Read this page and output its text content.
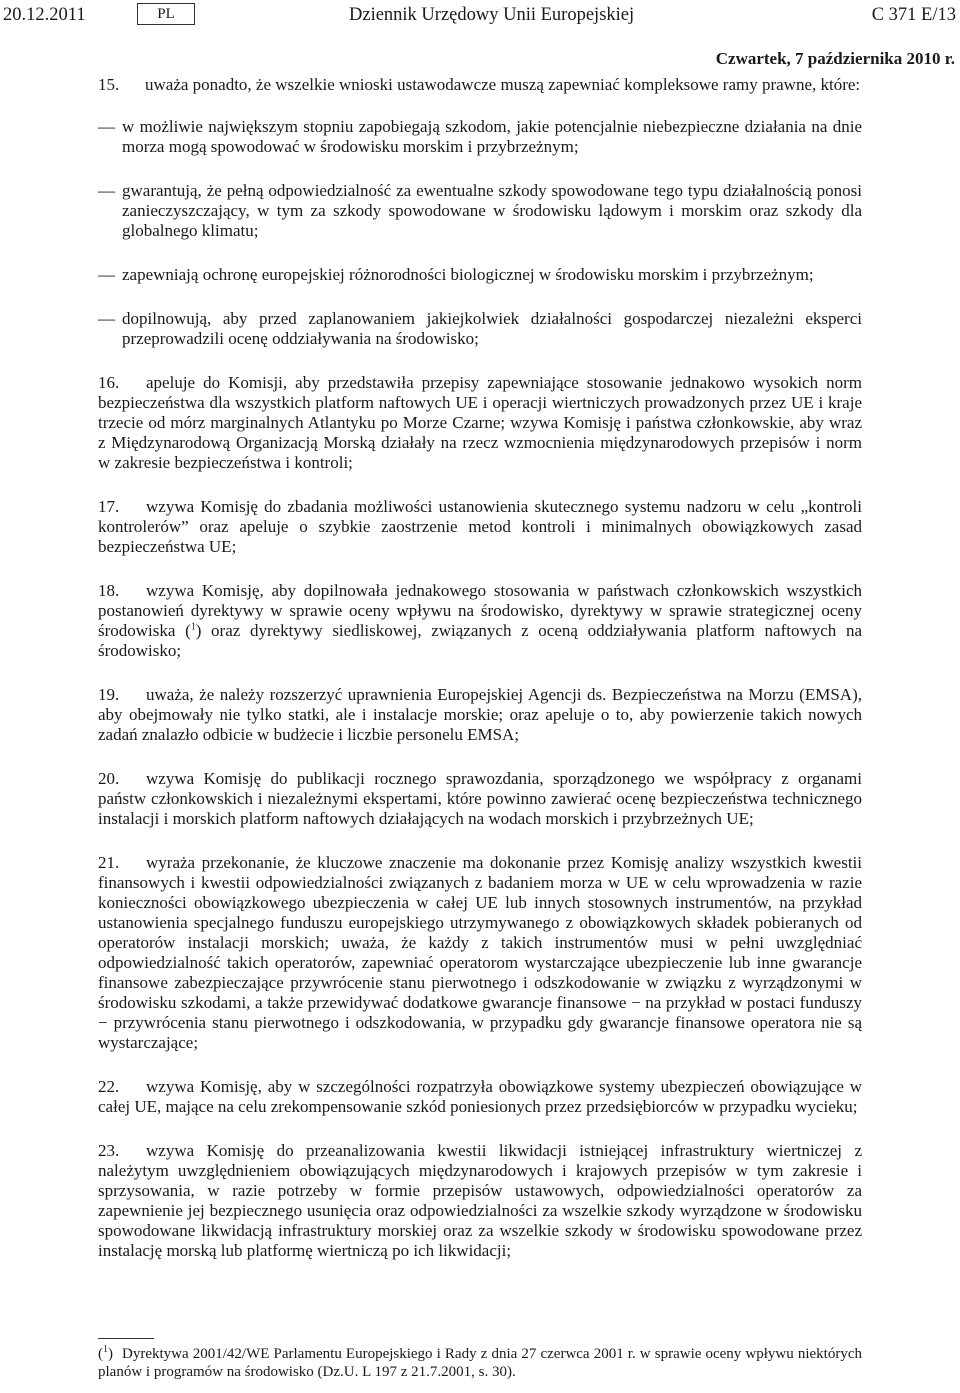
20.12.2011	PL	Dziennik Urzędowy Unii Europejskiej	C 371 E/13
Czwartek, 7 października 2010 r.

15. uważa ponadto, że wszelkie wnioski ustawodawcze muszą zapewniać kompleksowe ramy prawne, które:

— w możliwie największym stopniu zapobiegają szkodom, jakie potencjalnie niebezpieczne działania na dnie morza mogą spowodować w środowisku morskim i przybrzeżnym;
— gwarantują, że pełną odpowiedzialność za ewentualne szkody spowodowane tego typu działalnością ponosi zanieczyszczający, w tym za szkody spowodowane w środowisku lądowym i morskim oraz szkody dla globalnego klimatu;
— zapewniają ochronę europejskiej różnorodności biologicznej w środowisku morskim i przybrzeżnym;
— dopilnowują, aby przed zaplanowaniem jakiejkolwiek działalności gospodarczej niezależni eksperci przeprowadzili ocenę oddziaływania na środowisko;

16. apeluje do Komisji, aby przedstawiła przepisy zapewniające stosowanie jednakowo wysokich norm bezpieczeństwa dla wszystkich platform naftowych UE i operacji wiertniczych prowadzonych przez UE i kraje trzecie od mórz marginalnych Atlantyku po Morze Czarne; wzywa Komisję i państwa członkowskie, aby wraz z Międzynarodową Organizacją Morską działały na rzecz wzmocnienia międzynarodowych przepisów i norm w zakresie bezpieczeństwa i kontroli;

17. wzywa Komisję do zbadania możliwości ustanowienia skutecznego systemu nadzoru w celu „kontroli kontrolerów” oraz apeluje o szybkie zaostrzenie metod kontroli i minimalnych obowiązkowych zasad bezpieczeństwa UE;

18. wzywa Komisję, aby dopilnowała jednakowego stosowania w państwach członkowskich wszystkich postanowień dyrektywy w sprawie oceny wpływu na środowisko, dyrektywy w sprawie strategicznej oceny środowiska ($^1$) oraz dyrektywy siedliskowej, związanych z oceną oddziaływania platform naftowych na środowisko;

19. uważa, że należy rozszerzyć uprawnienia Europejskiej Agencji ds. Bezpieczeństwa na Morzu (EMSA), aby obejmowały nie tylko statki, ale i instalacje morskie; oraz apeluje o to, aby powierzenie takich nowych zadań znalazło odbicie w budżecie i liczbie personelu EMSA;

20. wzywa Komisję do publikacji rocznego sprawozdania, sporządzonego we współpracy z organami państw członkowskich i niezależnymi ekspertami, które powinno zawierać ocenę bezpieczeństwa technicznego instalacji i morskich platform naftowych działających na wodach morskich i przybrzeżnych UE;

21. wyraża przekonanie, że kluczowe znaczenie ma dokonanie przez Komisję analizy wszystkich kwestii finansowych i kwestii odpowiedzialności związanych z badaniem morza w UE w celu wprowadzenia w razie konieczności obowiązkowego ubezpieczenia w całej UE lub innych stosownych instrumentów, na przykład ustanowienia specjalnego funduszu europejskiego utrzymywanego z obowiązkowych składek pobieranych od operatorów instalacji morskich; uważa, że każdy z takich instrumentów musi w pełni uwzględniać odpowiedzialność takich operatorów, zapewniać operatorom wystarczające ubezpieczenie lub inne gwarancje finansowe zabezpieczające przywrócenie stanu pierwotnego i odszkodowanie w związku z wyrządzonymi w środowisku szkodami, a także przewidywać dodatkowe gwarancje finansowe − na przykład w postaci funduszy − przywrócenia stanu pierwotnego i odszkodowania, w przypadku gdy gwarancje finansowe operatora nie są wystarczające;

22. wzywa Komisję, aby w szczególności rozpatrzyła obowiązkowe systemy ubezpieczeń obowiązujące w całej UE, mające na celu zrekompensowanie szkód poniesionych przez przedsiębiorców w przypadku wycieku;

23. wzywa Komisję do przeanalizowania kwestii likwidacji istniejącej infrastruktury wiertniczej z należytym uwzględnieniem obowiązujących międzynarodowych i krajowych przepisów w tym zakresie i sprzysowania, w razie potrzeby w formie przepisów ustawowych, odpowiedzialności operatorów za zapewnienie jej bezpiecznego usunięcia oraz odpowiedzialności za wszelkie szkody wyrządzone w środowisku spowodowane likwidacją infrastruktury morskiej oraz za wszelkie szkody w środowisku spowodowane przez instalację morską lub platformę wiertniczą po ich likwidacji;

($^1$) Dyrektywa 2001/42/WE Parlamentu Europejskiego i Rady z dnia 27 czerwca 2001 r. w sprawie oceny wpływu niektórych planów i programów na środowisko (Dz.U. L 197 z 21.7.2001, s. 30).
